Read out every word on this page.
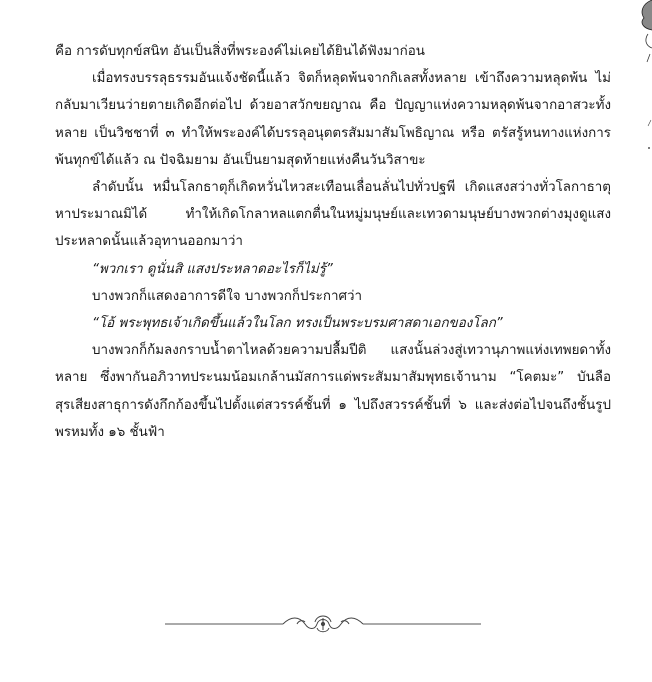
คือ การดับทุกข์สนิท อันเป็นสิ่งที่พระองค์ไม่เคยได้ยินได้ฟังมาก่อน

เมื่อทรงบรรลุธรรมอันแจ้งชัดนี้แล้ว จิตก็หลุดพ้นจากกิเลสทั้งหลาย เข้าถึงความหลุดพ้น ไม่กลับมาเวียนว่ายตายเกิดอีกต่อไป ด้วยอาสวักขยญาณ คือ ปัญญาแห่งความหลุดพ้นจากอาสวะทั้งหลาย เป็นวิชชาที่ ๓ ทำให้พระองค์ได้บรรลุอนุตตรสัมมาสัมโพธิญาณ หรือ ตรัสรู้หนทางแห่งการพ้นทุกข์ได้แล้ว ณ ปัจฉิมยาม อันเป็นยามสุดท้ายแห่งคืนวันวิสาขะ

ลำดับนั้น หมื่นโลกธาตุก็เกิดหวั่นไหวสะเทือนเลื่อนลั่นไปทั่วปฐพี เกิดแสงสว่างทั่วโลกาธาตุหาประมาณมิได้ ทำให้เกิดโกลาหลแตกตื่นในหมู่มนุษย์และเทวดามนุษย์บางพวกต่างมุงดูแสงประหลาดนั้นแล้วอุทานออกมาว่า

“พวกเรา ดูนั่นสิ แสงประหลาดอะไรก็ไม่รู้”

บางพวกก็แสดงอาการดีใจ บางพวกก็ประกาศว่า

“โอ้ พระพุทธเจ้าเกิดขึ้นแล้วในโลก ทรงเป็นพระบรมศาสดาเอกของโลก”

บางพวกก็ก้มลงกราบน้ำตาไหลด้วยความปลื้มปีติ แสงนั้นล่วงสู่เทวานุภาพแห่งเทพยดาทั้งหลาย ซึ่งพากันอภิวาทประนมน้อมเกล้านมัสการแด่พระสัมมาสัมพุทธเจ้านาม “โคตมะ” บันลือสุรเสียงสาธุการดังกึกก้องขึ้นไปตั้งแต่สวรรค์ชั้นที่ ๑ ไปถึงสวรรค์ชั้นที่ ๖ และส่งต่อไปจนถึงชั้นรูปพรหมทั้ง ๑๖ ชั้นฟ้า
